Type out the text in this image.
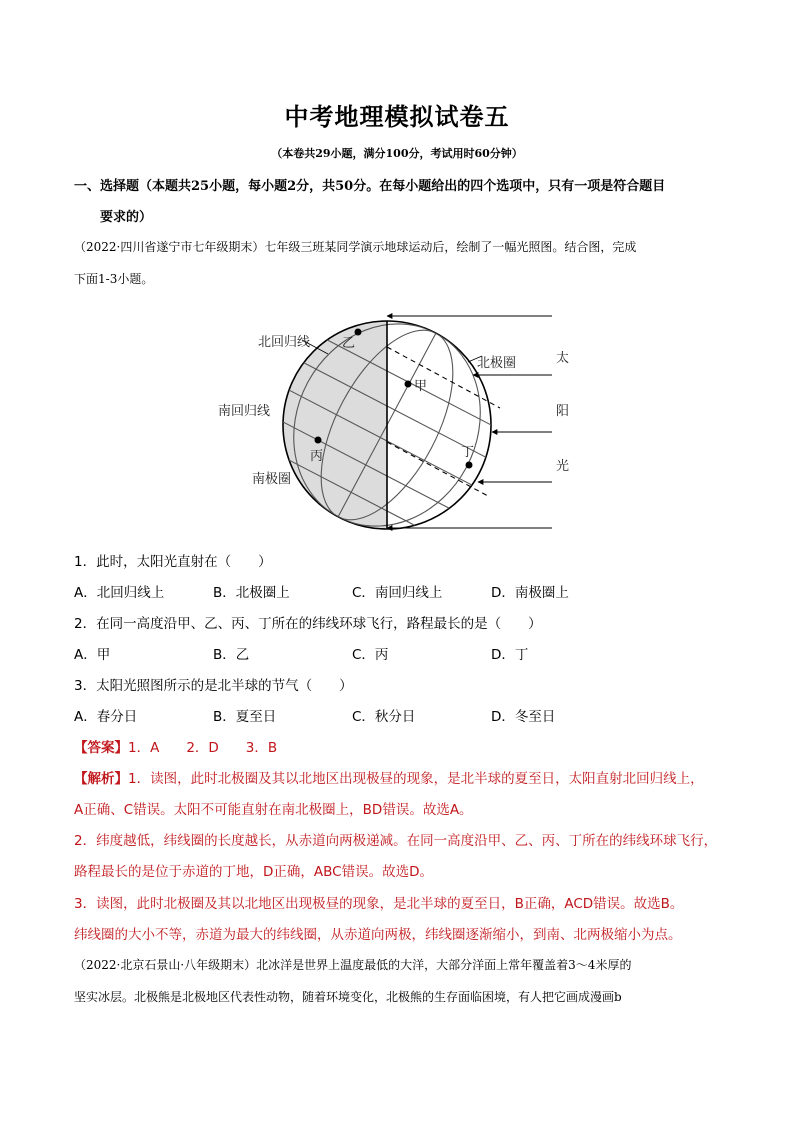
中考地理模拟试卷五
（本卷共29小题，满分100分，考试用时60分钟）
一、选择题（本题共25小题，每小题2分，共50分。在每小题给出的四个选项中，只有一项是符合题目
要求的）
（2022·四川省遂宁市七年级期末）七年级三班某同学演示地球运动后，绘制了一幅光照图。结合图，完成
下面1-3小题。
北回归线
南回归线
南极圈
北极圈
乙
甲
丙	丁
太
阳
光
1．此时，太阳光直射在（　　）
A．北回归线上	B．北极圈上	C．南回归线上	D．南极圈上
2．在同一高度沿甲、乙、丙、丁所在的纬线环球飞行，路程最长的是（　　）
A．甲	B．乙	C．丙	D．丁
3．太阳光照图所示的是北半球的节气（　　）
A．春分日	B．夏至日	C．秋分日	D．冬至日
【答案】1．A　　2．D　　3．B
【解析】1．读图，此时北极圈及其以北地区出现极昼的现象，是北半球的夏至日，太阳直射北回归线上，
A正确、C错误。太阳不可能直射在南北极圈上，BD错误。故选A。
2．纬度越低，纬线圈的长度越长，从赤道向两极递减。在同一高度沿甲、乙、丙、丁所在的纬线环球飞行，
路程最长的是位于赤道的丁地，D正确，ABC错误。故选D。
3．读图，此时北极圈及其以北地区出现极昼的现象，是北半球的夏至日，B正确，ACD错误。故选B。
纬线圈的大小不等，赤道为最大的纬线圈，从赤道向两极，纬线圈逐渐缩小，到南、北两极缩小为点。
（2022·北京石景山·八年级期末）北冰洋是世界上温度最低的大洋，大部分洋面上常年覆盖着3～4米厚的
坚实冰层。北极熊是北极地区代表性动物，随着环境变化，北极熊的生存面临困境，有人把它画成漫画b
